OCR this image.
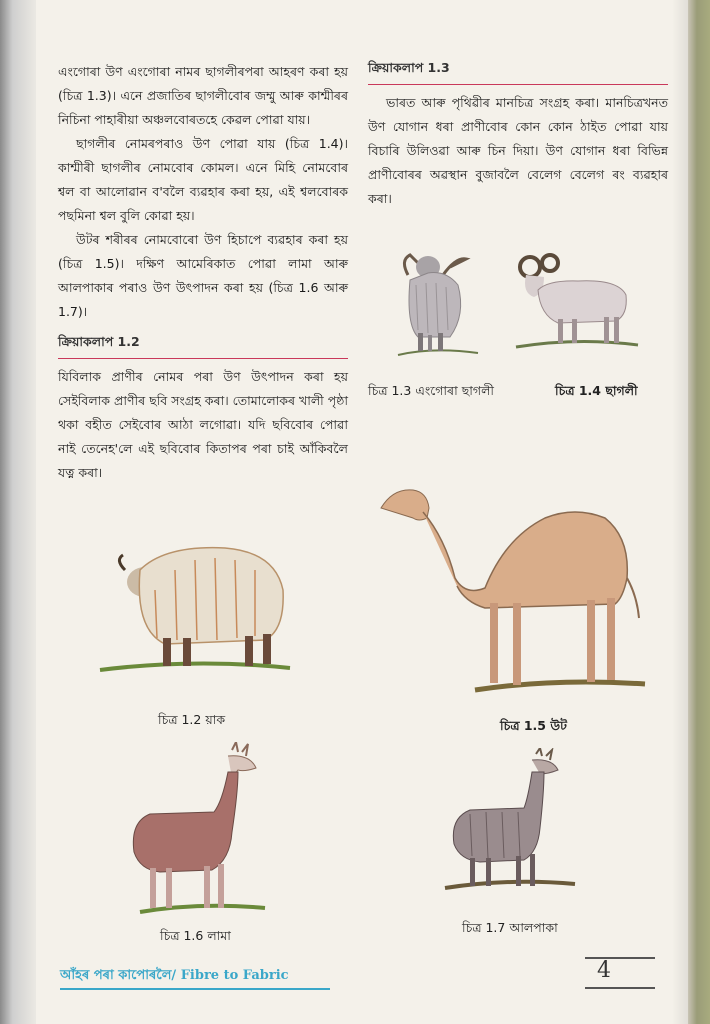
এংগোৰা উণ এংগোৰা নামৰ ছাগলীৰপৰা আহৰণ কৰা হয় (চিত্ৰ 1.3)। এনে প্ৰজাতিৰ ছাগলীবোৰ জম্মু আৰু কাশ্মীৰৰ নিচিনা পাহাৰীয়া অঞ্চলবোৰতহে কেৱল পোৱা যায়।

ছাগলীৰ নোমৰপৰাও উণ পোৱা যায় (চিত্ৰ 1.4)। কাশ্মীৰী ছাগলীৰ নোমবোৰ কোমল। এনে মিহি নোমবোৰ শ্বল বা আলোৱান ব'বলৈ ব্যৱহাৰ কৰা হয়, এই শ্বলবোৰক পছমিনা শ্বল বুলি কোৱা হয়।

উটৰ শৰীৰৰ নোমবোৰো উণ হিচাপে ব্যৱহাৰ কৰা হয় (চিত্ৰ 1.5)। দক্ষিণ আমেৰিকাত পোৱা লামা আৰু আলপাকাৰ পৰাও উণ উৎপাদন কৰা হয় (চিত্ৰ 1.6 আৰু 1.7)।

ক্ৰিয়াকলাপ 1.2

যিবিলাক প্ৰাণীৰ নোমৰ পৰা উণ উৎপাদন কৰা হয় সেইবিলাক প্ৰাণীৰ ছবি সংগ্ৰহ কৰা। তোমালোকৰ খালী পৃষ্ঠা থকা বহীত সেইবোৰ আঠা লগোৱা। যদি ছবিবোৰ পোৱা নাই তেনেহ'লে এই ছবিবোৰ কিতাপৰ পৰা চাই আঁকিবলৈ যত্ন কৰা।

ক্ৰিয়াকলাপ 1.3

ভাৰত আৰু পৃথিৱীৰ মানচিত্ৰ সংগ্ৰহ কৰা। মানচিত্ৰখনত উণ যোগান ধৰা প্ৰাণীবোৰ কোন কোন ঠাইত পোৱা যায় বিচাৰি উলিওৱা আৰু চিন দিয়া। উণ যোগান ধৰা বিভিন্ন প্ৰাণীবোৰৰ অৱস্থান বুজাবলৈ বেলেগ বেলেগ ৰং ব্যৱহাৰ কৰা।

চিত্ৰ 1.3 এংগোৰা ছাগলী	চিত্ৰ 1.4 ছাগলী
চিত্ৰ 1.2 য়াক	চিত্ৰ 1.5 উট
চিত্ৰ 1.6 লামা
চিত্ৰ 1.7 আলপাকা
আঁহৰ পৰা কাপোৰলৈ/ Fibre to Fabric	4
